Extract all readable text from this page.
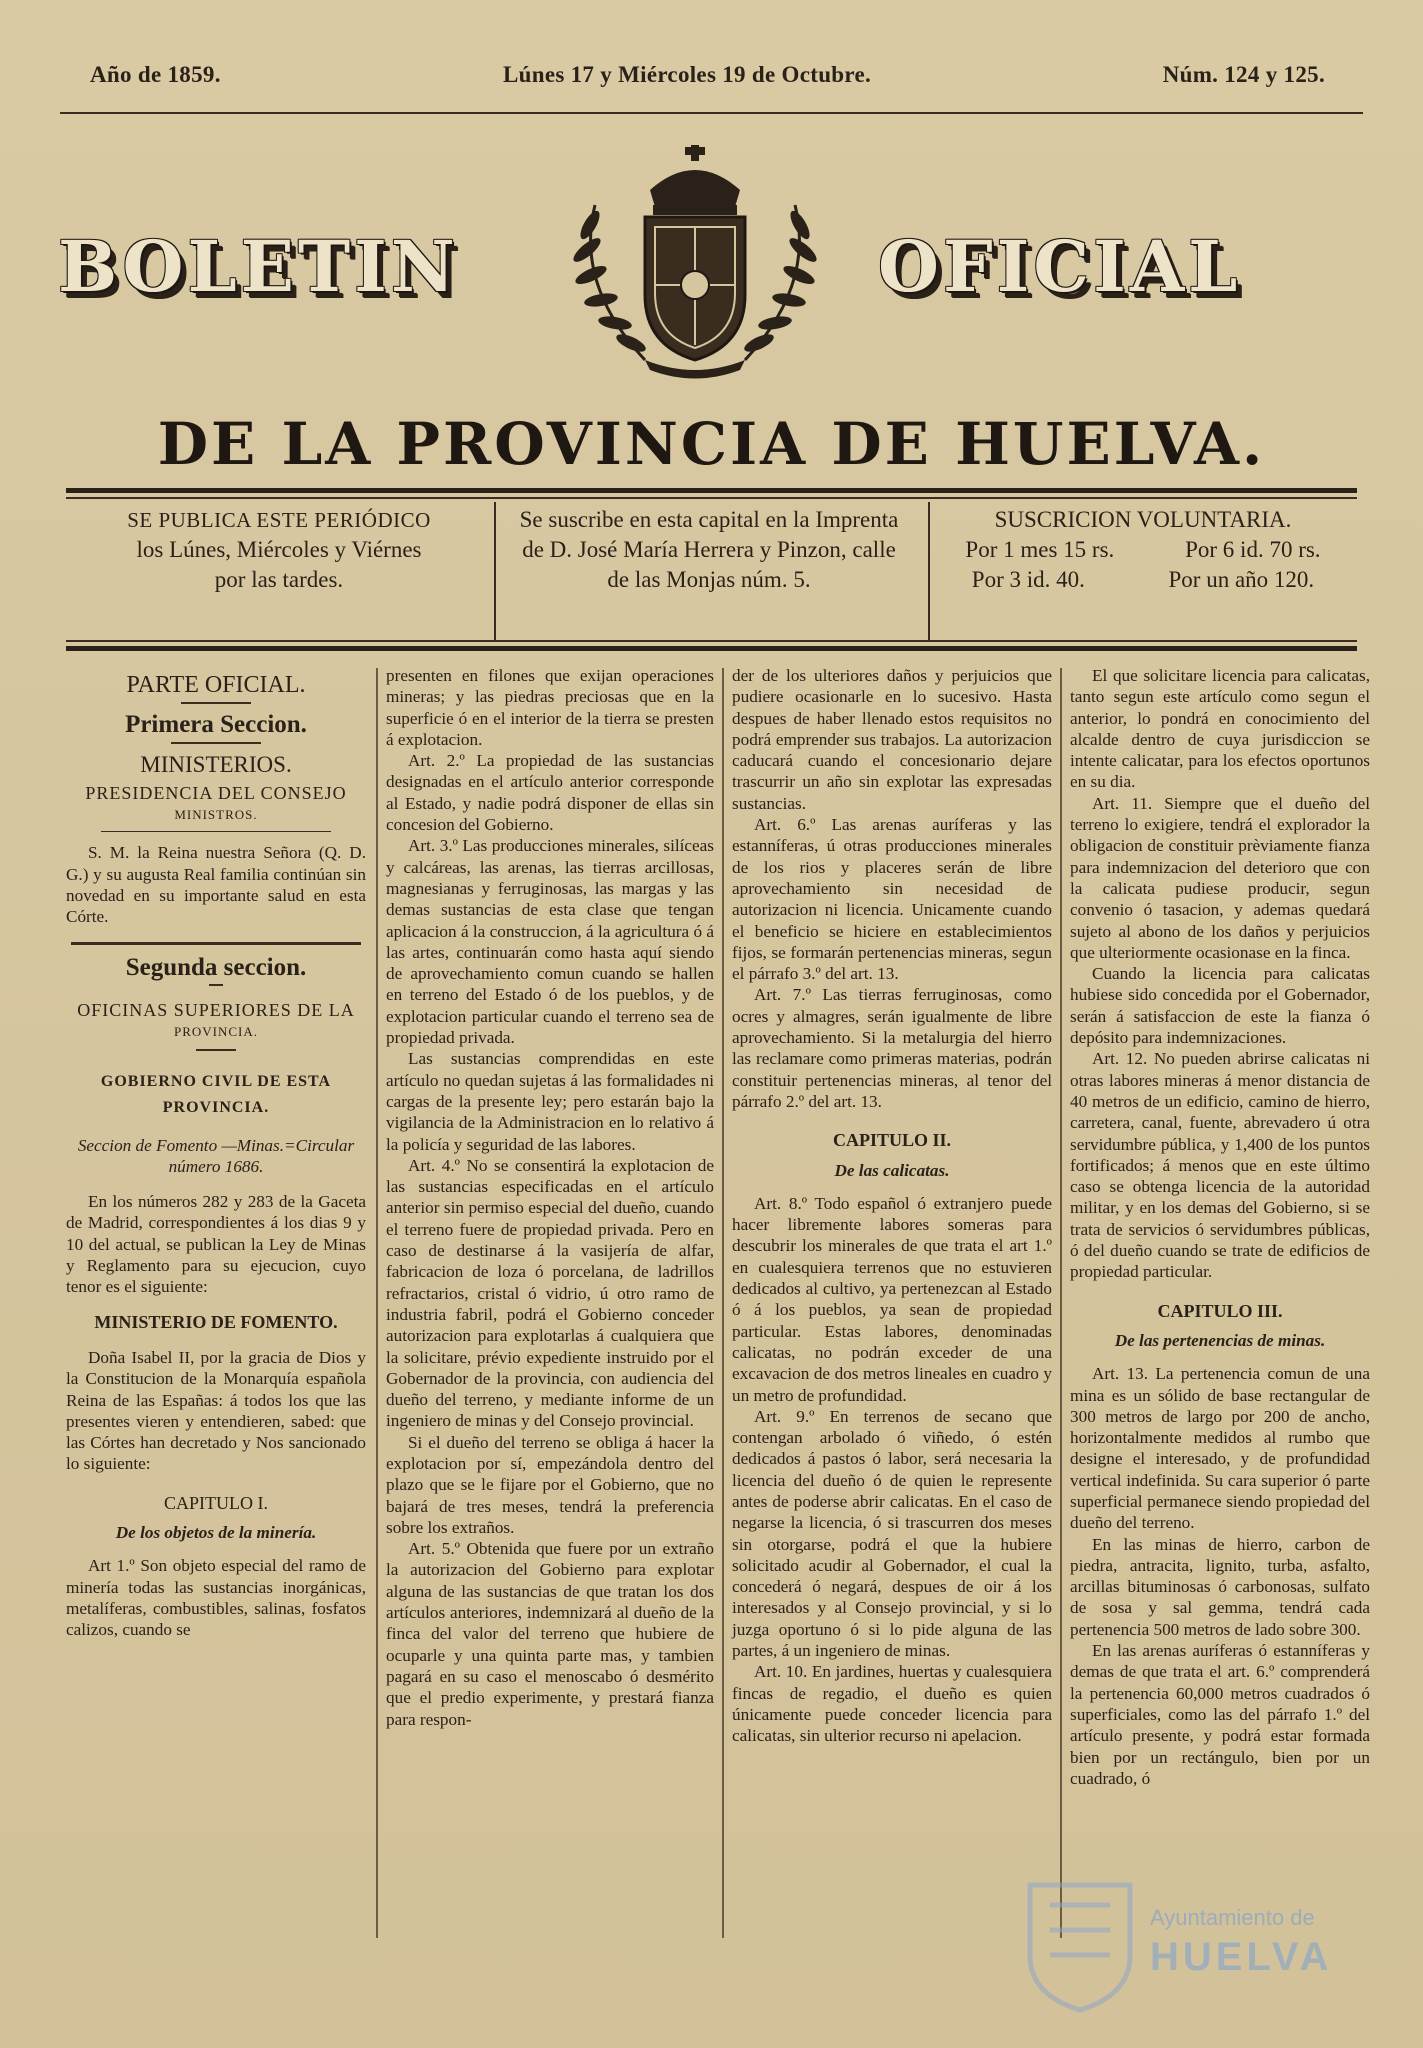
Año de 1859.	Lúnes 17 y Miércoles 19 de Octubre.	Núm. 124 y 125.
BOLETIN	OFICIAL
DE LA PROVINCIA DE HUELVA.
SE PUBLICA ESTE PERIÓDICO
los Lúnes, Miércoles y Viérnes
por las tardes.
Se suscribe en esta capital en la Imprenta
de D. José María Herrera y Pinzon, calle
de las Monjas núm. 5.
SUSCRICION VOLUNTARIA.
Por 1 mes 15 rs.	Por 6 id. 70 rs.
Por 3 id. 40.	Por un año 120.
PARTE OFICIAL.
Primera Seccion.
MINISTERIOS.
PRESIDENCIA DEL CONSEJO
MINISTROS.

S. M. la Reina nuestra Señora (Q. D. G.) y su augusta Real familia continúan sin novedad en su importante salud en esta Córte.

Segunda seccion.
OFICINAS SUPERIORES DE LA
PROVINCIA.
GOBIERNO CIVIL DE ESTA PROVINCIA.
Seccion de Fomento —Minas.=Circular número 1686.

En los números 282 y 283 de la Gaceta de Madrid, correspondientes á los dias 9 y 10 del actual, se publican la Ley de Minas y Reglamento para su ejecucion, cuyo tenor es el siguiente:

MINISTERIO DE FOMENTO.

Doña Isabel II, por la gracia de Dios y la Constitucion de la Monarquía española Reina de las Españas: á todos los que las presentes vieren y entendieren, sabed: que las Córtes han decretado y Nos sancionado lo siguiente:

CAPITULO I.
De los objetos de la minería.

Art 1.º Son objeto especial del ramo de minería todas las sustancias inorgánicas, metalíferas, combustibles, salinas, fosfatos calizos, cuando se

presenten en filones que exijan operaciones mineras; y las piedras preciosas que en la superficie ó en el interior de la tierra se presten á explotacion.

Art. 2.º La propiedad de las sustancias designadas en el artículo anterior corresponde al Estado, y nadie podrá disponer de ellas sin concesion del Gobierno.

Art. 3.º Las producciones minerales, silíceas y calcáreas, las arenas, las tierras arcillosas, magnesianas y ferruginosas, las margas y las demas sustancias de esta clase que tengan aplicacion á la construccion, á la agricultura ó á las artes, continuarán como hasta aquí siendo de aprovechamiento comun cuando se hallen en terreno del Estado ó de los pueblos, y de explotacion particular cuando el terreno sea de propiedad privada.

Las sustancias comprendidas en este artículo no quedan sujetas á las formalidades ni cargas de la presente ley; pero estarán bajo la vigilancia de la Administracion en lo relativo á la policía y seguridad de las labores.

Art. 4.º No se consentirá la explotacion de las sustancias especificadas en el artículo anterior sin permiso especial del dueño, cuando el terreno fuere de propiedad privada. Pero en caso de destinarse á la vasijería de alfar, fabricacion de loza ó porcelana, de ladrillos refractarios, cristal ó vidrio, ú otro ramo de industria fabril, podrá el Gobierno conceder autorizacion para explotarlas á cualquiera que la solicitare, prévio expediente instruido por el Gobernador de la provincia, con audiencia del dueño del terreno, y mediante informe de un ingeniero de minas y del Consejo provincial.

Si el dueño del terreno se obliga á hacer la explotacion por sí, empezándola dentro del plazo que se le fijare por el Gobierno, que no bajará de tres meses, tendrá la preferencia sobre los extraños.

Art. 5.º Obtenida que fuere por un extraño la autorizacion del Gobierno para explotar alguna de las sustancias de que tratan los dos artículos anteriores, indemnizará al dueño de la finca del valor del terreno que hubiere de ocuparle y una quinta parte mas, y tambien pagará en su caso el menoscabo ó desmérito que el predio experimente, y prestará fianza para respon-

der de los ulteriores daños y perjuicios que pudiere ocasionarle en lo sucesivo. Hasta despues de haber llenado estos requisitos no podrá emprender sus trabajos. La autorizacion caducará cuando el concesionario dejare trascurrir un año sin explotar las expresadas sustancias.

Art. 6.º Las arenas auríferas y las estanníferas, ú otras producciones minerales de los rios y placeres serán de libre aprovechamiento sin necesidad de autorizacion ni licencia. Unicamente cuando el beneficio se hiciere en establecimientos fijos, se formarán pertenencias mineras, segun el párrafo 3.º del art. 13.

Art. 7.º Las tierras ferruginosas, como ocres y almagres, serán igualmente de libre aprovechamiento. Si la metalurgia del hierro las reclamare como primeras materias, podrán constituir pertenencias mineras, al tenor del párrafo 2.º del art. 13.

CAPITULO II.
De las calicatas.

Art. 8.º Todo español ó extranjero puede hacer libremente labores someras para descubrir los minerales de que trata el art 1.º en cualesquiera terrenos que no estuvieren dedicados al cultivo, ya pertenezcan al Estado ó á los pueblos, ya sean de propiedad particular. Estas labores, denominadas calicatas, no podrán exceder de una excavacion de dos metros lineales en cuadro y un metro de profundidad.

Art. 9.º En terrenos de secano que contengan arbolado ó viñedo, ó estén dedicados á pastos ó labor, será necesaria la licencia del dueño ó de quien le represente antes de poderse abrir calicatas. En el caso de negarse la licencia, ó si trascurren dos meses sin otorgarse, podrá el que la hubiere solicitado acudir al Gobernador, el cual la concederá ó negará, despues de oir á los interesados y al Consejo provincial, y si lo juzga oportuno ó si lo pide alguna de las partes, á un ingeniero de minas.

Art. 10. En jardines, huertas y cualesquiera fincas de regadio, el dueño es quien únicamente puede conceder licencia para calicatas, sin ulterior recurso ni apelacion.

El que solicitare licencia para calicatas, tanto segun este artículo como segun el anterior, lo pondrá en conocimiento del alcalde dentro de cuya jurisdiccion se intente calicatar, para los efectos oportunos en su dia.

Art. 11. Siempre que el dueño del terreno lo exigiere, tendrá el explorador la obligacion de constituir prèviamente fianza para indemnizacion del deterioro que con la calicata pudiese producir, segun convenio ó tasacion, y ademas quedará sujeto al abono de los daños y perjuicios que ulteriormente ocasionase en la finca.

Cuando la licencia para calicatas hubiese sido concedida por el Gobernador, serán á satisfaccion de este la fianza ó depósito para indemnizaciones.

Art. 12. No pueden abrirse calicatas ni otras labores mineras á menor distancia de 40 metros de un edificio, camino de hierro, carretera, canal, fuente, abrevadero ú otra servidumbre pública, y 1,400 de los puntos fortificados; á menos que en este último caso se obtenga licencia de la autoridad militar, y en los demas del Gobierno, si se trata de servicios ó servidumbres públicas, ó del dueño cuando se trate de edificios de propiedad particular.

CAPITULO III.
De las pertenencias de minas.

Art. 13. La pertenencia comun de una mina es un sólido de base rectangular de 300 metros de largo por 200 de ancho, horizontalmente medidos al rumbo que designe el interesado, y de profundidad vertical indefinida. Su cara superior ó parte superficial permanece siendo propiedad del dueño del terreno.

En las minas de hierro, carbon de piedra, antracita, lignito, turba, asfalto, arcillas bituminosas ó carbonosas, sulfato de sosa y sal gemma, tendrá cada pertenencia 500 metros de lado sobre 300.

En las arenas auríferas ó estanníferas y demas de que trata el art. 6.º comprenderá la pertenencia 60,000 metros cuadrados ó superficiales, como las del párrafo 1.º del artículo presente, y podrá estar formada bien por un rectángulo, bien por un cuadrado, ó

Ayuntamiento de
HUELVA
